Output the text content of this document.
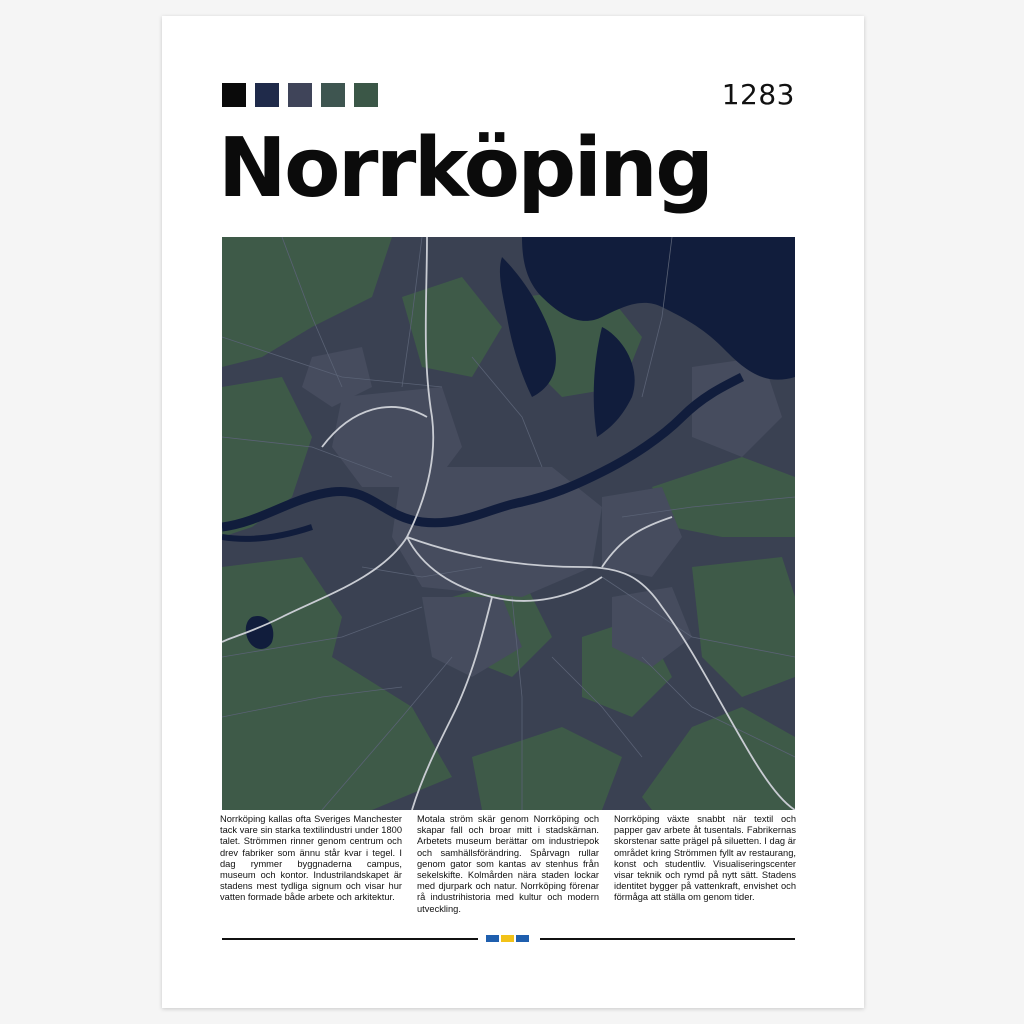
1283
Norrköping
Norrköping kallas ofta Sveriges Manchester tack vare sin starka textilindustri under 1800 talet. Strömmen rinner genom centrum och drev fabriker som ännu står kvar i tegel. I dag rymmer byggnaderna campus, museum och kontor. Industrilandskapet är stadens mest tydliga signum och visar hur vatten formade både arbete och arkitektur.
Motala ström skär genom Norrköping och skapar fall och broar mitt i stadskärnan. Arbetets museum berättar om industriepok och samhällsförändring. Spårvagn rullar genom gator som kantas av stenhus från sekelskifte. Kolmården nära staden lockar med djurpark och natur. Norrköping förenar rå industrihistoria med kultur och modern utveckling.
Norrköping växte snabbt när textil och papper gav arbete åt tusentals. Fabrikernas skorstenar satte prägel på siluetten. I dag är området kring Strömmen fyllt av restaurang, konst och studentliv. Visualiseringscenter visar teknik och rymd på nytt sätt. Stadens identitet bygger på vattenkraft, envishet och förmåga att ställa om genom tider.
